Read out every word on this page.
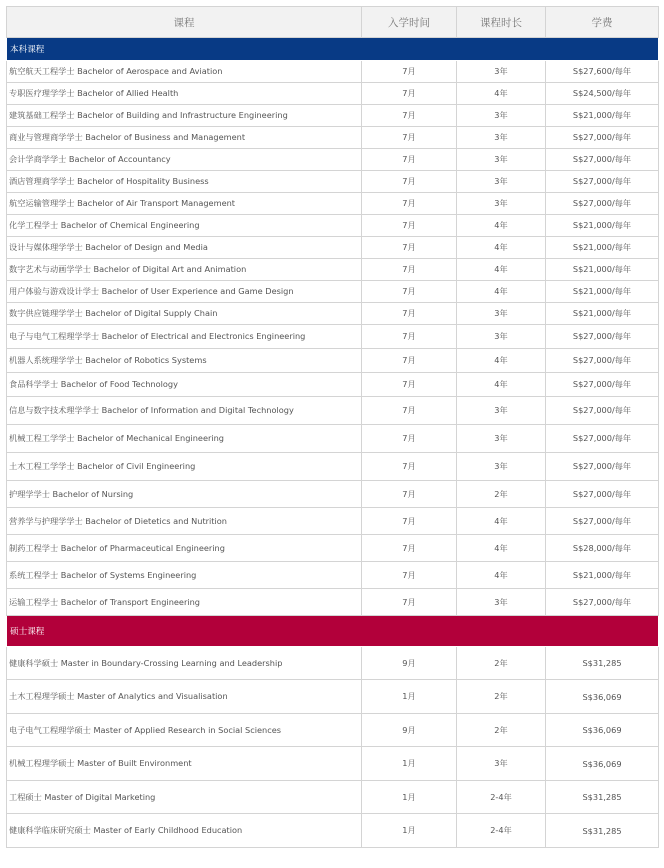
课程	入学时间	课程时长	学费
本科课程			
航空航天工程学士 Bachelor of Aerospace and Aviation	7月	3年	S$27,600/每年
专职医疗理学学士 Bachelor of Allied Health	7月	4年	S$24,500/每年
建筑基础工程学士 Bachelor of Building and Infrastructure Engineering	7月	3年	S$21,000/每年
商业与管理商学学士 Bachelor of Business and Management	7月	3年	S$27,000/每年
会计学商学学士 Bachelor of Accountancy	7月	3年	S$27,000/每年
酒店管理商学学士 Bachelor of Hospitality Business	7月	3年	S$27,000/每年
航空运输管理学士 Bachelor of Air Transport Management	7月	3年	S$27,000/每年
化学工程学士 Bachelor of Chemical Engineering	7月	4年	S$21,000/每年
设计与媒体理学学士 Bachelor of Design and Media	7月	4年	S$21,000/每年
数字艺术与动画学学士 Bachelor of Digital Art and Animation	7月	4年	S$21,000/每年
用户体验与游戏设计学士 Bachelor of User Experience and Game Design	7月	4年	S$21,000/每年
数字供应链理学学士 Bachelor of Digital Supply Chain	7月	3年	S$21,000/每年
电子与电气工程理学学士 Bachelor of Electrical and Electronics Engineering	7月	3年	S$27,000/每年
机器人系统理学学士 Bachelor of Robotics Systems	7月	4年	S$27,000/每年
食品科学学士 Bachelor of Food Technology	7月	4年	S$27,000/每年
信息与数字技术理学学士 Bachelor of Information and Digital Technology	7月	3年	S$27,000/每年
机械工程工学学士 Bachelor of Mechanical Engineering	7月	3年	S$27,000/每年
土木工程工学学士 Bachelor of Civil Engineering	7月	3年	S$27,000/每年
护理学学士 Bachelor of Nursing	7月	2年	S$27,000/每年
营养学与护理学学士 Bachelor of Dietetics and Nutrition	7月	4年	S$27,000/每年
制药工程学士 Bachelor of Pharmaceutical Engineering	7月	4年	S$28,000/每年
系统工程学士 Bachelor of Systems Engineering	7月	4年	S$21,000/每年
运输工程学士 Bachelor of Transport Engineering	7月	3年	S$27,000/每年
硕士课程			
健康科学硕士 Master in Boundary-Crossing Learning and Leadership	9月	2年	S$31,285
土木工程理学硕士 Master of Analytics and Visualisation	1月	2年	S$36,069
电子电气工程理学硕士 Master of Applied Research in Social Sciences	9月	2年	S$36,069
机械工程理学硕士 Master of Built Environment	1月	3年	S$36,069
工程硕士 Master of Digital Marketing	1月	2-4年	S$31,285
健康科学临床研究硕士 Master of Early Childhood Education	1月	2-4年	S$31,285
